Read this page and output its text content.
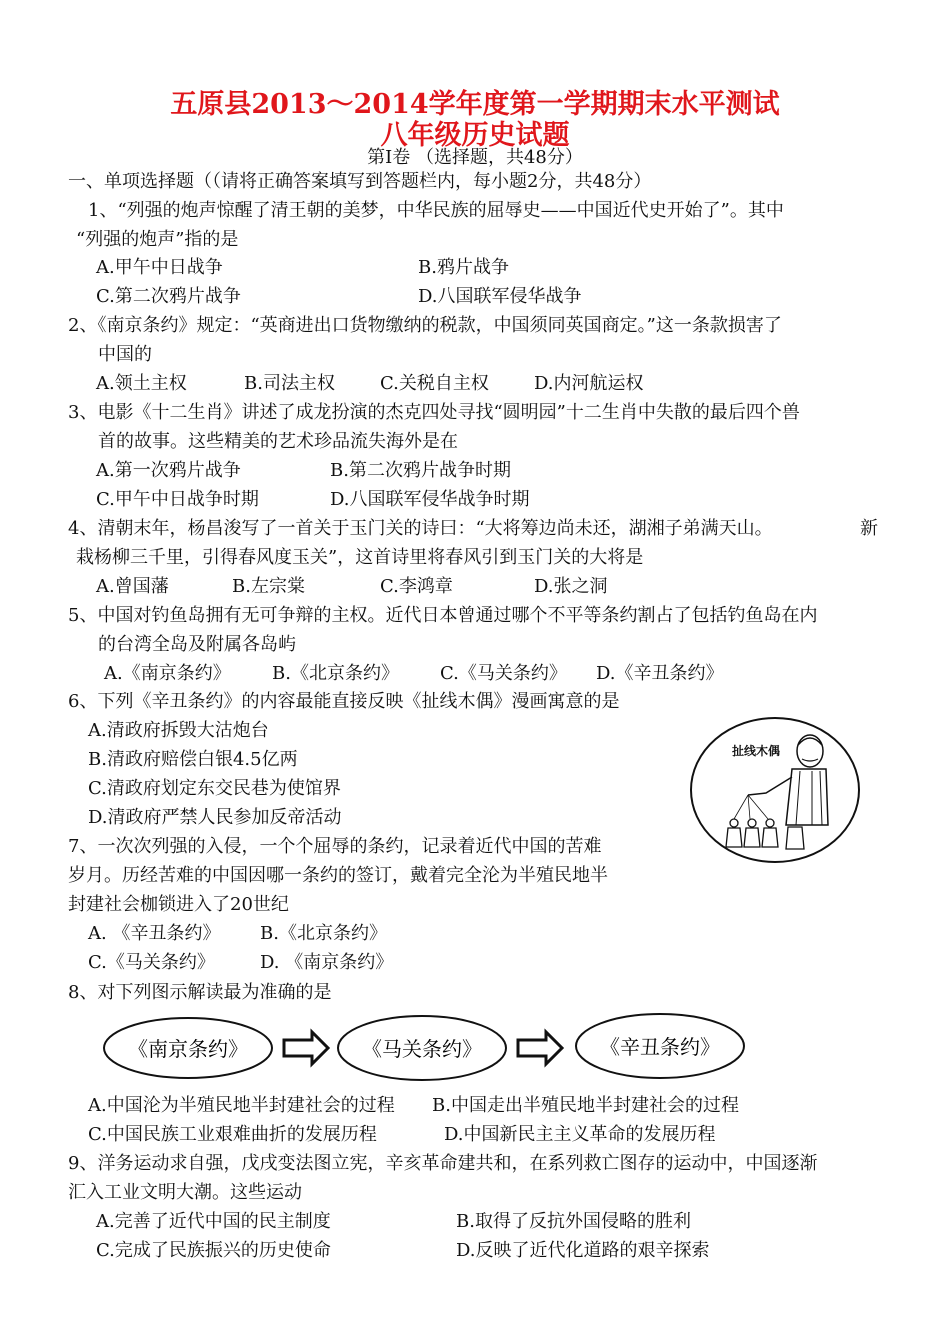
五原县2013～2014学年度第一学期期末水平测试
八年级历史试题
第Ⅰ卷 （选择题，共48分）
一、单项选择题（（请将正确答案填写到答题栏内，每小题2分，共48分）
1、“列强的炮声惊醒了清王朝的美梦，中华民族的屈辱史——中国近代史开始了”。其中
“列强的炮声”指的是
A.甲午中日战争	B.鸦片战争
C.第二次鸦片战争	D.八国联军侵华战争
2、《南京条约》规定：“英商进出口货物缴纳的税款，中国须同英国商定。”这一条款损害了
中国的
A.领土主权	B.司法主权	C.关税自主权	D.内河航运权
3、电影《十二生肖》讲述了成龙扮演的杰克四处寻找“圆明园”十二生肖中失散的最后四个兽
首的故事。这些精美的艺术珍品流失海外是在
A.第一次鸦片战争	B.第二次鸦片战争时期
C.甲午中日战争时期	D.八国联军侵华战争时期
4、清朝末年，杨昌浚写了一首关于玉门关的诗曰：“大将筹边尚未还，湖湘子弟满天山。	新
栽杨柳三千里，引得春风度玉关”，这首诗里将春风引到玉门关的大将是
A.曾国藩	B.左宗棠	C.李鸿章	D.张之洞
5、中国对钓鱼岛拥有无可争辩的主权。近代日本曾通过哪个不平等条约割占了包括钓鱼岛在内
的台湾全岛及附属各岛屿
A.《南京条约》 B.《北京条约》 C.《马关条约》 D.《辛丑条约》
6、下列《辛丑条约》的内容最能直接反映《扯线木偶》漫画寓意的是
A.清政府拆毁大沽炮台
B.清政府赔偿白银4.5亿两
C.清政府划定东交民巷为使馆界
D.清政府严禁人民参加反帝活动
扯线木偶
7、一次次列强的入侵，一个个屈辱的条约，记录着近代中国的苦难
岁月。历经苦难的中国因哪一条约的签订，戴着完全沦为半殖民地半
封建社会枷锁进入了20世纪
A. 《辛丑条约》 B.《北京条约》
C.《马关条约》	D. 《南京条约》
8、对下列图示解读最为准确的是
《南京条约》	《马关条约》	《辛丑条约》
A.中国沦为半殖民地半封建社会的过程 B.中国走出半殖民地半封建社会的过程
C.中国民族工业艰难曲折的发展历程	D.中国新民主主义革命的发展历程
9、洋务运动求自强，戊戌变法图立宪，辛亥革命建共和，在系列救亡图存的运动中，中国逐渐
汇入工业文明大潮。这些运动
A.完善了近代中国的民主制度	B.取得了反抗外国侵略的胜利
C.完成了民族振兴的历史使命	D.反映了近代化道路的艰辛探索
